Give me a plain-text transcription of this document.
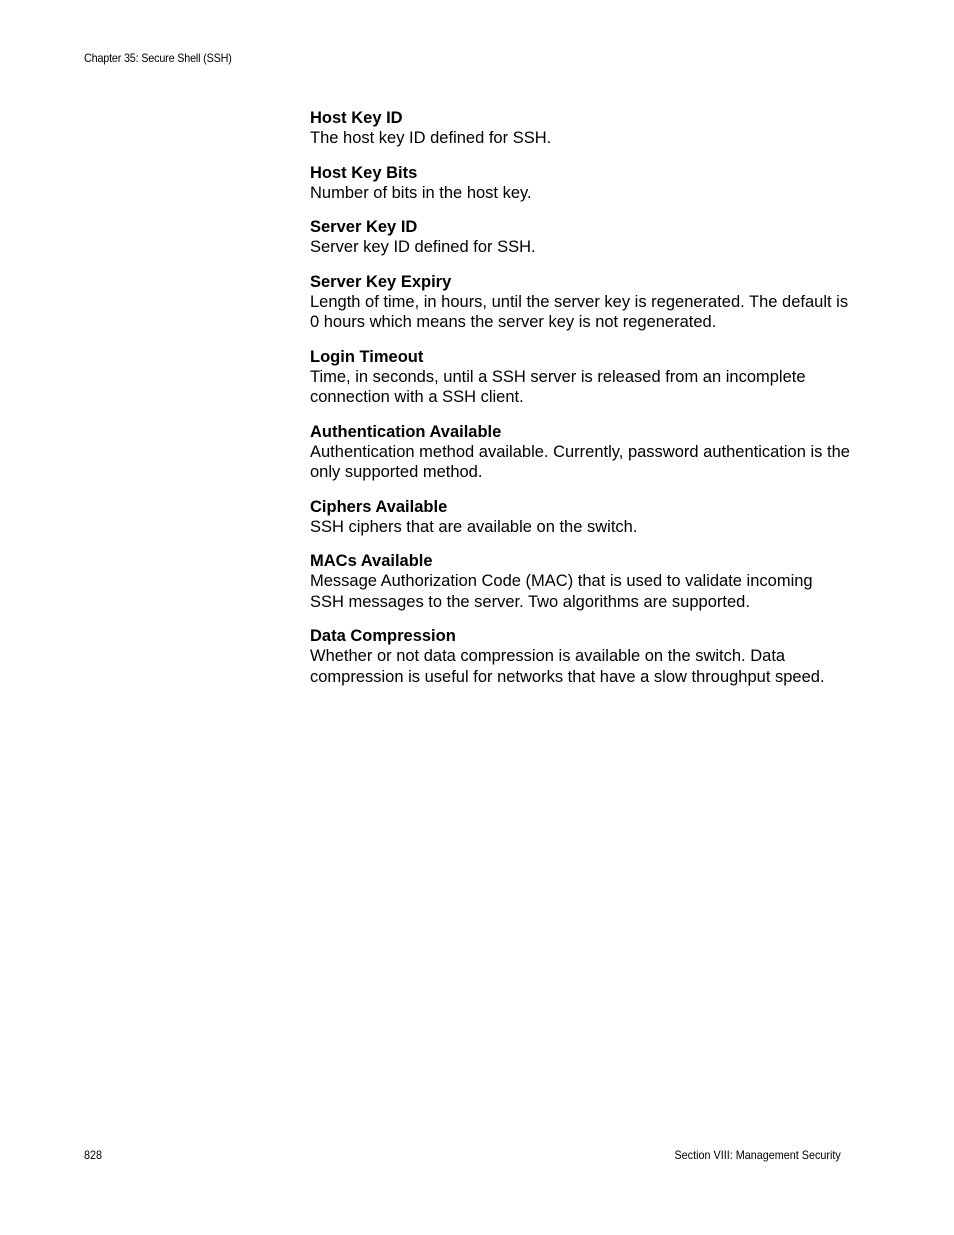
Chapter 35: Secure Shell (SSH)

Host Key ID

The host key ID defined for SSH.

Host Key Bits

Number of bits in the host key.

Server Key ID

Server key ID defined for SSH.

Server Key Expiry

Length of time, in hours, until the server key is regenerated. The default is 0 hours which means the server key is not regenerated.

Login Timeout

Time, in seconds, until a SSH server is released from an incomplete connection with a SSH client.

Authentication Available

Authentication method available. Currently, password authentication is the only supported method.

Ciphers Available

SSH ciphers that are available on the switch.

MACs Available

Message Authorization Code (MAC) that is used to validate incoming SSH messages to the server. Two algorithms are supported.

Data Compression

Whether or not data compression is available on the switch. Data compression is useful for networks that have a slow throughput speed.

828	Section VIII: Management Security
